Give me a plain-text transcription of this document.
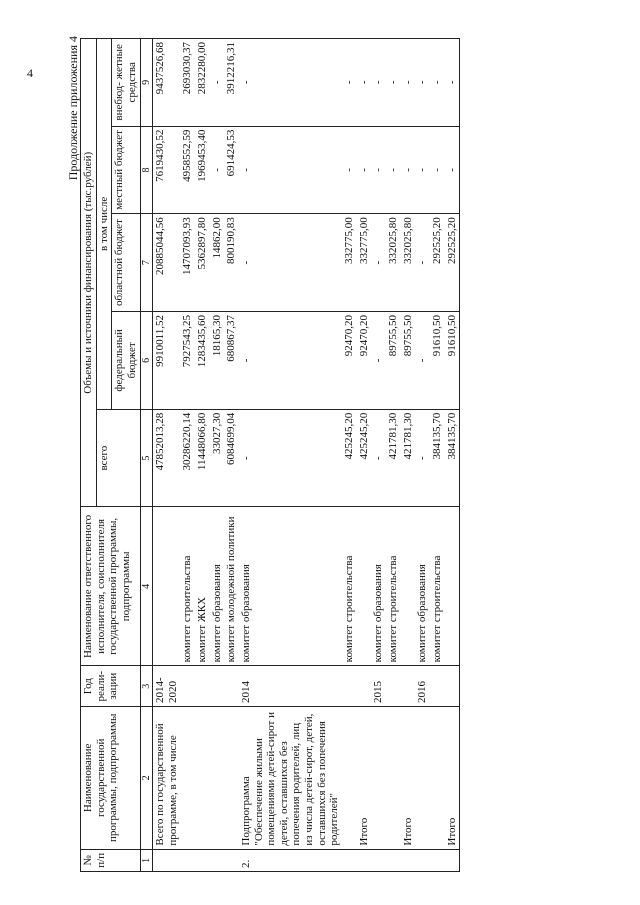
4	Продолжение приложения 4
№ п/п	Наименование государственной программы, подпрограммы	Год реали- зации	Наименование ответственного исполнителя, соисполнителя государственной программы, подпрограммы	Объемы и источники финансирования (тыс.рублей)				
				всего	в том числе			
					федеральный бюджет	областной бюджет	местный бюджет	внебюд- жетные средства
1	2	3	4	5	6	7	8	9
	Всего по государственной программе, в том числе	2014-2020		47852013,28	9910011,52	20885044,56	7619430,52	9437526,68
			комитет строительства	30286220,14	7927543,25	14707093,93	4958552,59	2693030,37
			комитет ЖКХ	11448066,80	1283435,60	5362897,80	1969453,40	2832280,00
			комитет образования	33027,30	18165,30	14862,00	-	-
			комитет молодежной политики	6084699,04	680867,37	800190,83	691424,53	3912216,31
2.	Подпрограмма "Обеспечение жилыми помещениями детей-сирот и детей, оставшихся без попечения родителей, лиц из числа детей-сирот, детей, оставшихся без попечения родителей"	2014	комитет образования	-	-	-	-	-
			комитет строительства	425245,20	92470,20	332775,00	-	-
	Итого			425245,20	92470,20	332775,00	-	-
		2015	комитет образования	-	-	-	-	-
			комитет строительства	421781,30	89755,50	332025,80	-	-
	Итого			421781,30	89755,50	332025,80	-	-
		2016	комитет образования	-	-	-	-	-
			комитет строительства	384135,70	91610,50	292525,20	-	-
	Итого			384135,70	91610,50	292525,20	-	-
